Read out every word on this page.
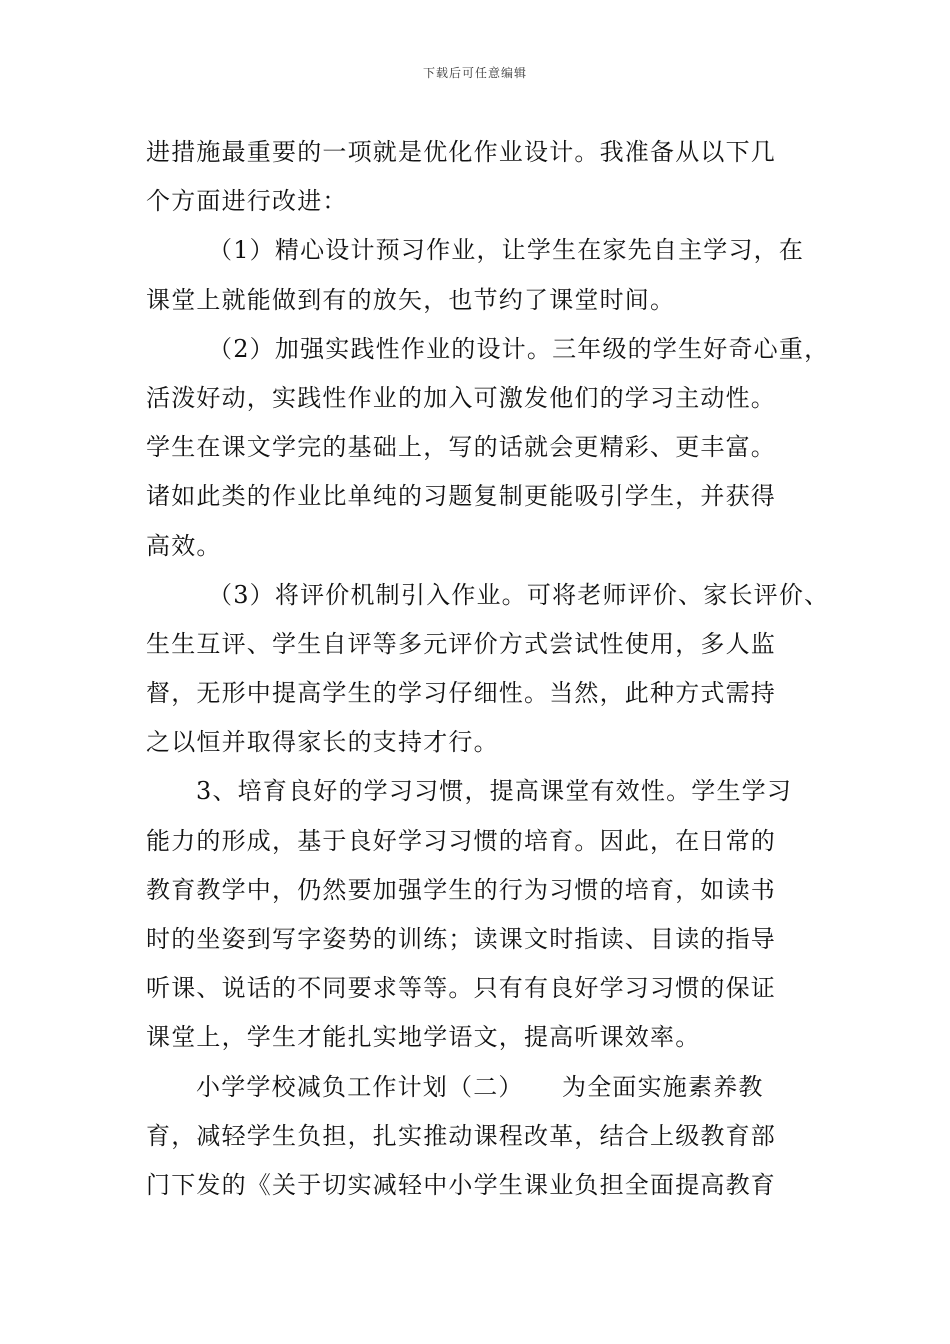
下载后可任意编辑
进措施最重要的一项就是优化作业设计。我准备从以下几
个方面进行改进：
（1）精心设计预习作业，让学生在家先自主学习，在
课堂上就能做到有的放矢，也节约了课堂时间。
（2）加强实践性作业的设计。三年级的学生好奇心重，
活泼好动，实践性作业的加入可激发他们的学习主动性。
学生在课文学完的基础上，写的话就会更精彩、更丰富。
诸如此类的作业比单纯的习题复制更能吸引学生，并获得
高效。
（3）将评价机制引入作业。可将老师评价、家长评价、
生生互评、学生自评等多元评价方式尝试性使用，多人监
督，无形中提高学生的学习仔细性。当然，此种方式需持
之以恒并取得家长的支持才行。
3、培育良好的学习习惯，提高课堂有效性。学生学习
能力的形成，基于良好学习习惯的培育。因此，在日常的
教育教学中，仍然要加强学生的行为习惯的培育，如读书
时的坐姿到写字姿势的训练；读课文时指读、目读的指导
听课、说话的不同要求等等。只有有良好学习习惯的保证
课堂上，学生才能扎实地学语文，提高听课效率。
小学学校减负工作计划（二）　　为全面实施素养教
育，减轻学生负担，扎实推动课程改革，结合上级教育部
门下发的《关于切实减轻中小学生课业负担全面提高教育
